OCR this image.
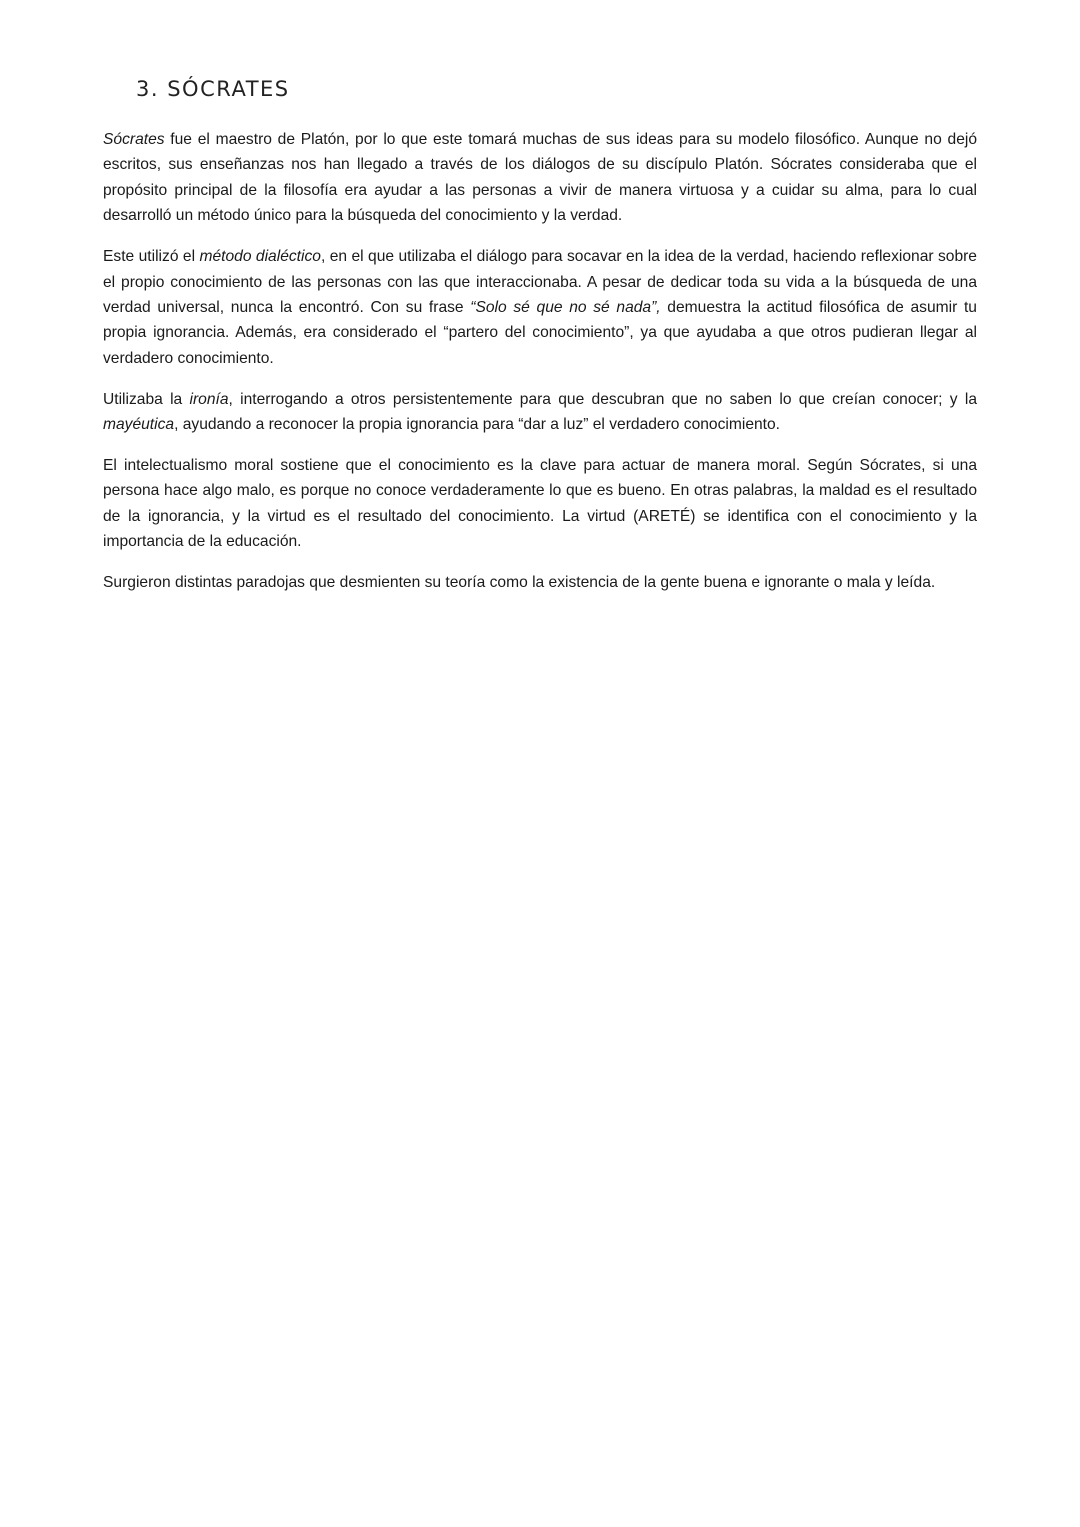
3. SÓCRATES

Sócrates fue el maestro de Platón, por lo que este tomará muchas de sus ideas para su modelo filosófico. Aunque no dejó escritos, sus enseñanzas nos han llegado a través de los diálogos de su discípulo Platón. Sócrates consideraba que el propósito principal de la filosofía era ayudar a las personas a vivir de manera virtuosa y a cuidar su alma, para lo cual desarrolló un método único para la búsqueda del conocimiento y la verdad.

Este utilizó el método dialéctico, en el que utilizaba el diálogo para socavar en la idea de la verdad, haciendo reflexionar sobre el propio conocimiento de las personas con las que interaccionaba. A pesar de dedicar toda su vida a la búsqueda de una verdad universal, nunca la encontró. Con su frase “Solo sé que no sé nada”, demuestra la actitud filosófica de asumir tu propia ignorancia. Además, era considerado el “partero del conocimiento”, ya que ayudaba a que otros pudieran llegar al verdadero conocimiento.

Utilizaba la ironía, interrogando a otros persistentemente para que descubran que no saben lo que creían conocer; y la mayéutica, ayudando a reconocer la propia ignorancia para “dar a luz” el verdadero conocimiento.

El intelectualismo moral sostiene que el conocimiento es la clave para actuar de manera moral. Según Sócrates, si una persona hace algo malo, es porque no conoce verdaderamente lo que es bueno. En otras palabras, la maldad es el resultado de la ignorancia, y la virtud es el resultado del conocimiento. La virtud (ARETÉ) se identifica con el conocimiento y la importancia de la educación.

Surgieron distintas paradojas que desmienten su teoría como la existencia de la gente buena e ignorante o mala y leída.
